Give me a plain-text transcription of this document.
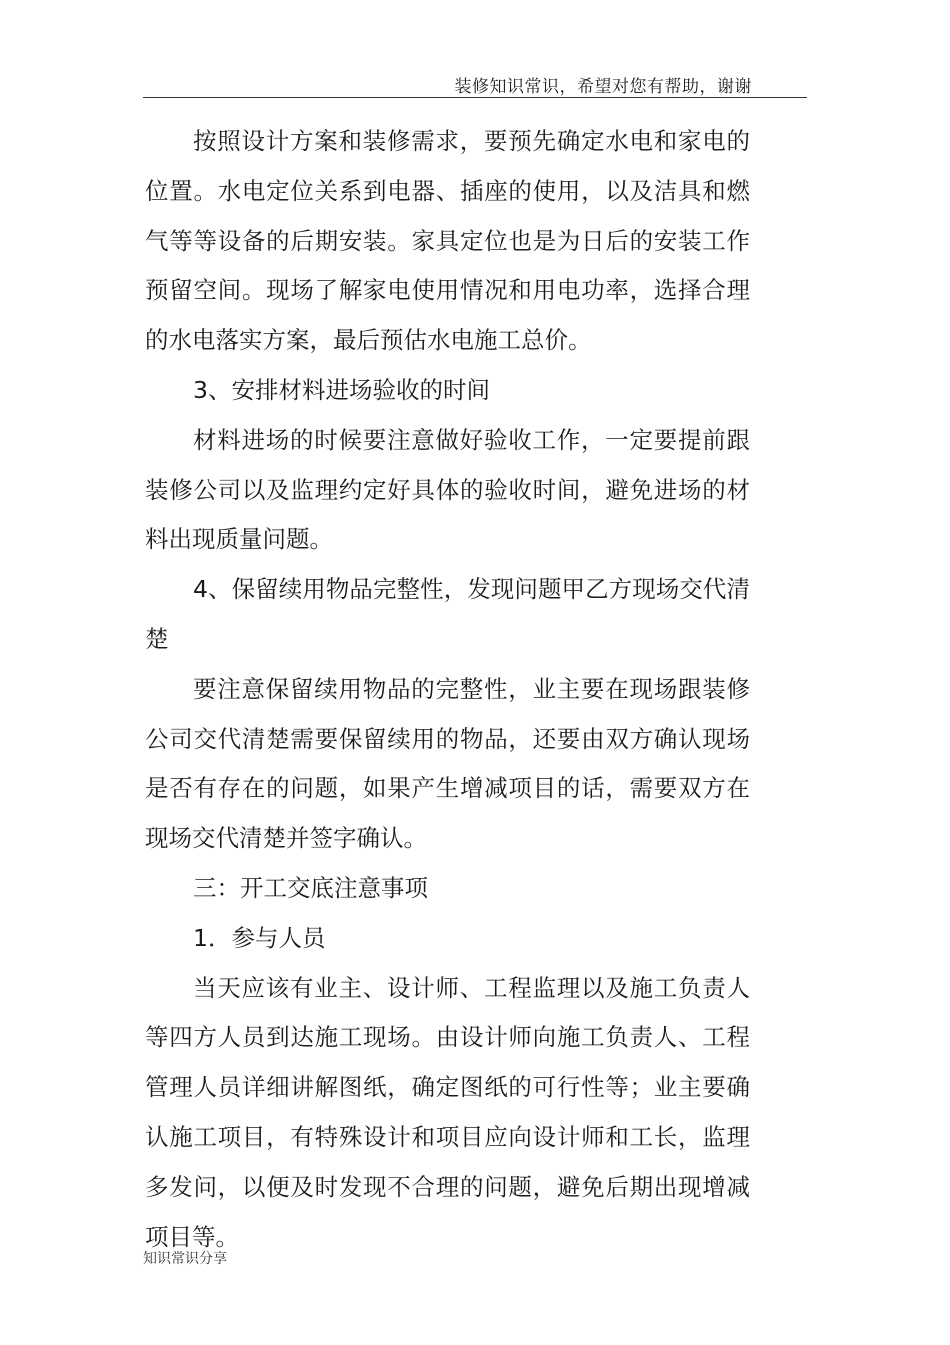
装修知识常识，希望对您有帮助，谢谢

按照设计方案和装修需求，要预先确定水电和家电的位置。水电定位关系到电器、插座的使用，以及洁具和燃气等等设备的后期安装。家具定位也是为日后的安装工作预留空间。现场了解家电使用情况和用电功率，选择合理的水电落实方案，最后预估水电施工总价。

3、安排材料进场验收的时间

材料进场的时候要注意做好验收工作，一定要提前跟装修公司以及监理约定好具体的验收时间，避免进场的材料出现质量问题。

4、保留续用物品完整性，发现问题甲乙方现场交代清楚

要注意保留续用物品的完整性，业主要在现场跟装修公司交代清楚需要保留续用的物品，还要由双方确认现场是否有存在的问题，如果产生增减项目的话，需要双方在现场交代清楚并签字确认。

三：开工交底注意事项

1．参与人员

当天应该有业主、设计师、工程监理以及施工负责人等四方人员到达施工现场。由设计师向施工负责人、工程管理人员详细讲解图纸，确定图纸的可行性等；业主要确认施工项目，有特殊设计和项目应向设计师和工长，监理多发问，以便及时发现不合理的问题，避免后期出现增减项目等。

知识常识分享
